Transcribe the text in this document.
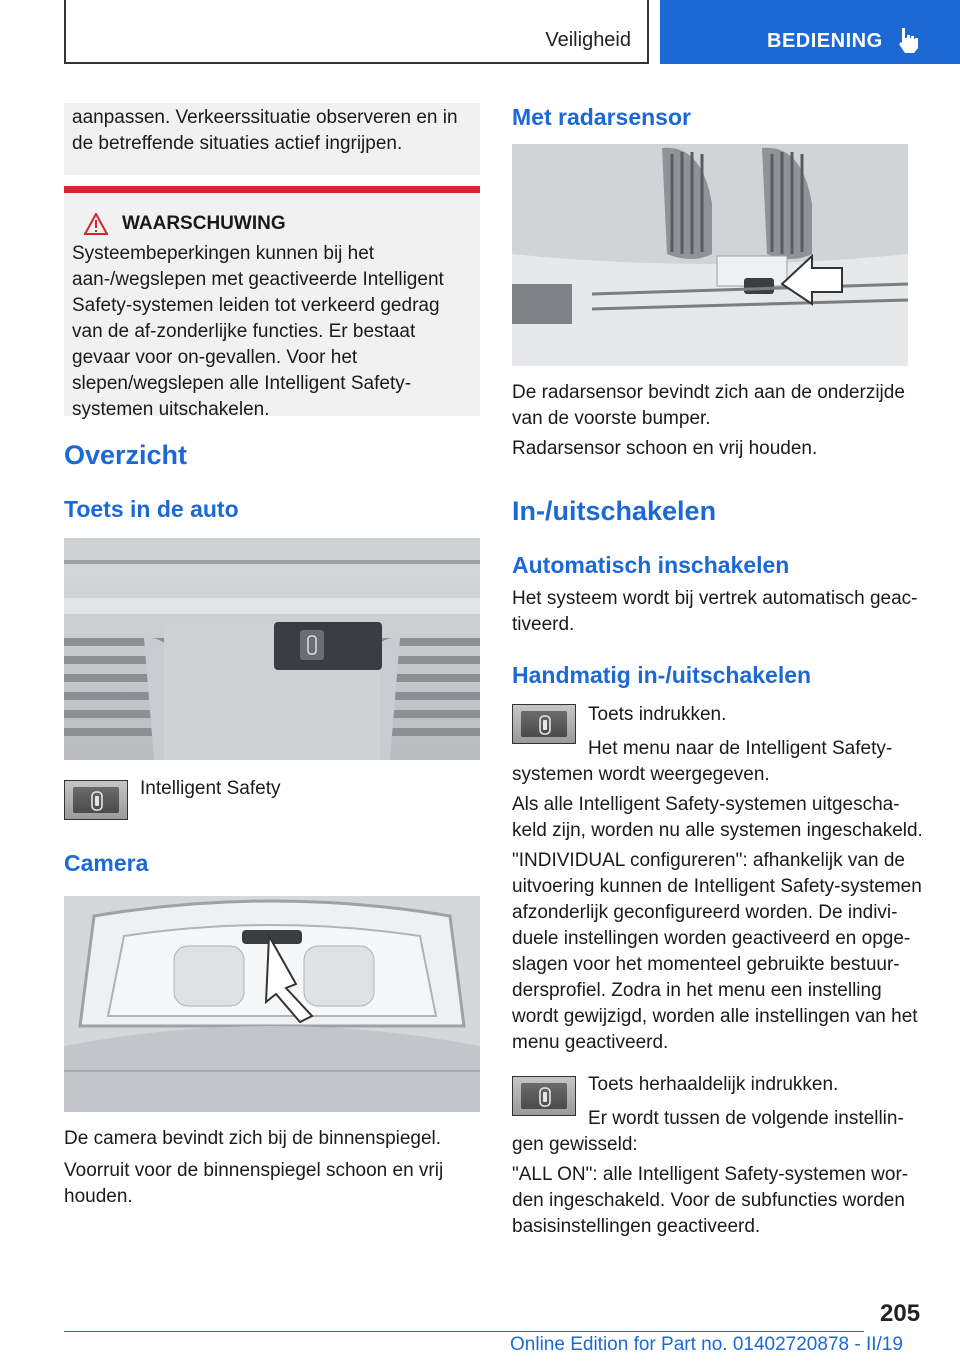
Veiligheid	BEDIENING
aanpassen. Verkeerssituatie observeren en in de betreffende situaties actief ingrijpen.
WAARSCHUWING
Systeembeperkingen kunnen bij het aan-/wegslepen met geactiveerde Intelligent Safety-systemen leiden tot verkeerd gedrag van de af-zonderlijke functies. Er bestaat gevaar voor on-gevallen. Voor het slepen/wegslepen alle Intelligent Safety-systemen uitschakelen.
Overzicht
Toets in de auto
Intelligent Safety
Camera
De camera bevindt zich bij de binnenspiegel.
Voorruit voor de binnenspiegel schoon en vrij houden.
Met radarsensor
De radarsensor bevindt zich aan de onderzijde van de voorste bumper.
Radarsensor schoon en vrij houden.
In-/uitschakelen
Automatisch inschakelen
Het systeem wordt bij vertrek automatisch geac-tiveerd.
Handmatig in-/uitschakelen
Toets indrukken.
Het menu naar de Intelligent Safety-systemen wordt weergegeven.
Als alle Intelligent Safety-systemen uitgescha-keld zijn, worden nu alle systemen ingeschakeld.
"INDIVIDUAL configureren": afhankelijk van de uitvoering kunnen de Intelligent Safety-systemen afzonderlijk geconfigureerd worden. De indivi-duele instellingen worden geactiveerd en opge-slagen voor het momenteel gebruikte bestuur-dersprofiel. Zodra in het menu een instelling wordt gewijzigd, worden alle instellingen van het menu geactiveerd.
Toets herhaaldelijk indrukken.
Er wordt tussen de volgende instellin-gen gewisseld:
"ALL ON": alle Intelligent Safety-systemen wor-den ingeschakeld. Voor de subfuncties worden basisinstellingen geactiveerd.
205
Online Edition for Part no. 01402720878 - II/19
